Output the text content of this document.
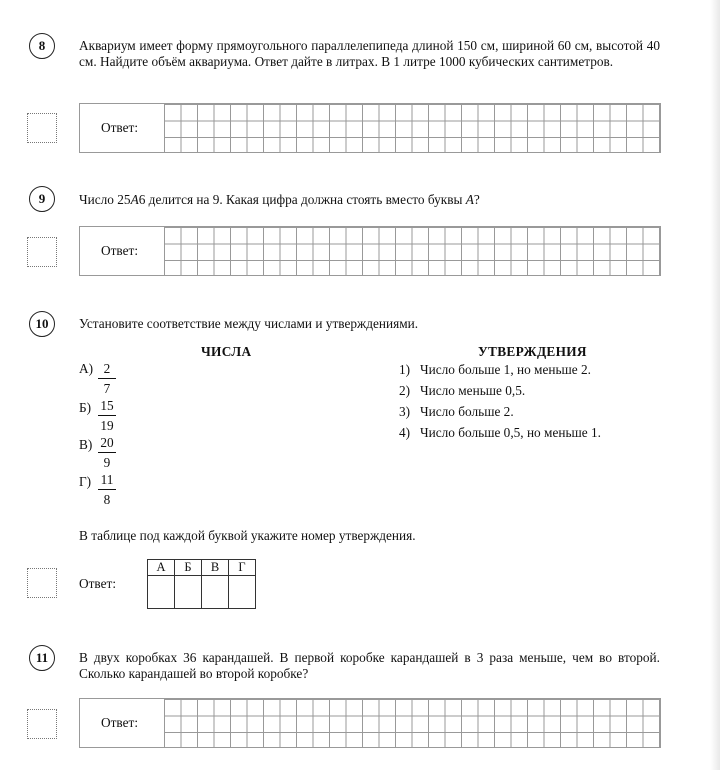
8	Аквариум имеет форму прямоугольного параллелепипеда длиной 150 см, шириной 60 см, высотой 40 см. Найдите объём аквариума. Ответ дайте в литрах. В 1 литре 1000 кубических сантиметров.
Ответ:
9	Число 25A6 делится на 9. Какая цифра должна стоять вместо буквы A?
Ответ:
10	Установите соответствие между числами и утверждениями.
ЧИСЛА	УТВЕРЖДЕНИЯ
$А) \frac{2}{7}$
$Б) \frac{15}{19}$
$В) \frac{20}{9}$
$Г) \frac{11}{8}$
1) Число больше 1, но меньше 2.
2) Число меньше 0,5.
3) Число больше 2.
4) Число больше 0,5, но меньше 1.
В таблице под каждой буквой укажите номер утверждения.
Ответ:
А	Б	В	Г

11	В двух коробках 36 карандашей. В первой коробке карандашей в 3 раза меньше, чем во второй. Сколько карандашей во второй коробке?
Ответ:
